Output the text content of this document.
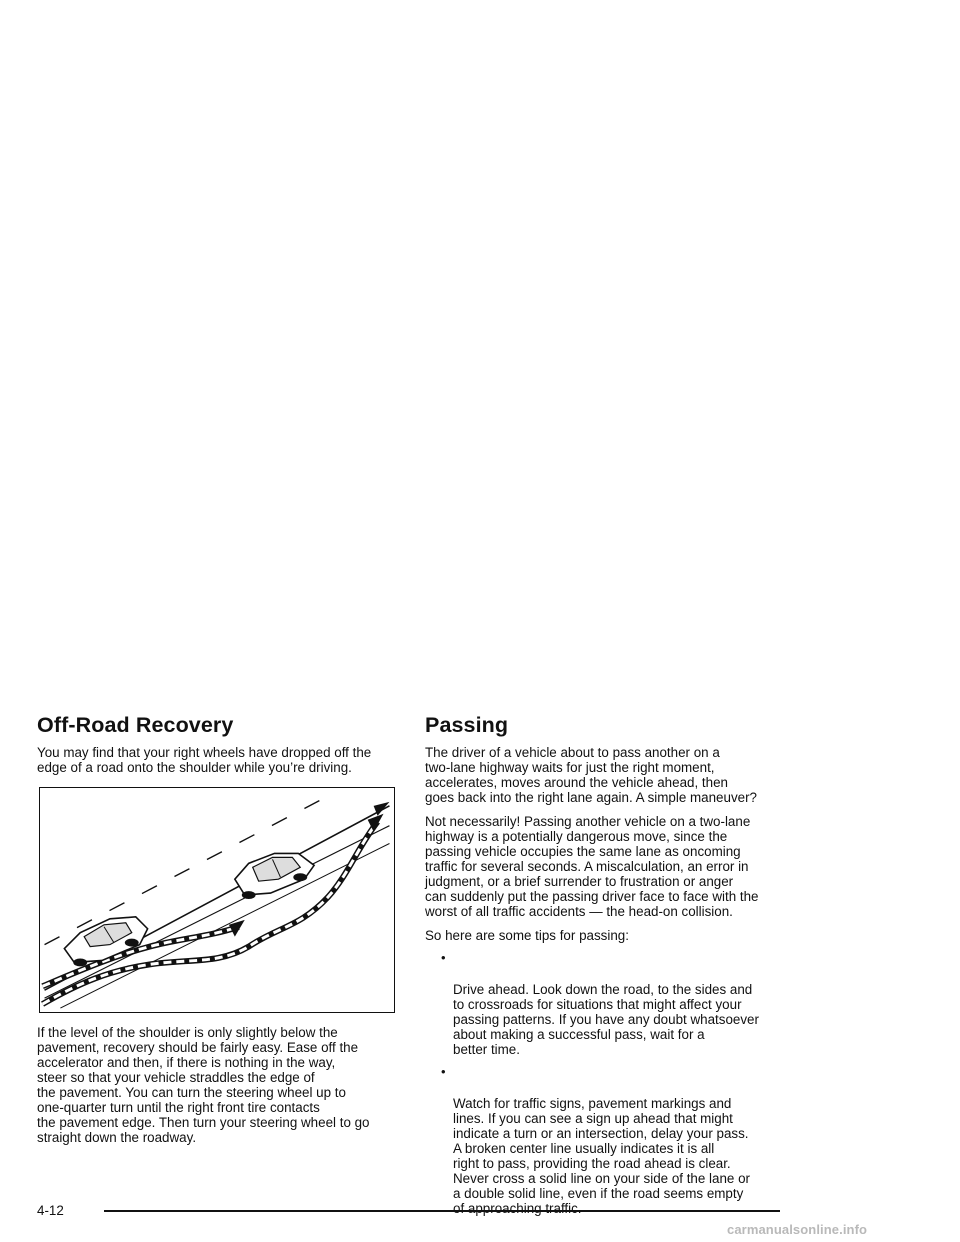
Off-Road Recovery

You may find that your right wheels have dropped off the
edge of a road onto the shoulder while you’re driving.

If the level of the shoulder is only slightly below the
pavement, recovery should be fairly easy. Ease off the
accelerator and then, if there is nothing in the way,
steer so that your vehicle straddles the edge of
the pavement. You can turn the steering wheel up to
one-quarter turn until the right front tire contacts
the pavement edge. Then turn your steering wheel to go
straight down the roadway.

Passing

The driver of a vehicle about to pass another on a
two-lane highway waits for just the right moment,
accelerates, moves around the vehicle ahead, then
goes back into the right lane again. A simple maneuver?

Not necessarily! Passing another vehicle on a two-lane
highway is a potentially dangerous move, since the
passing vehicle occupies the same lane as oncoming
traffic for several seconds. A miscalculation, an error in
judgment, or a brief surrender to frustration or anger
can suddenly put the passing driver face to face with the
worst of all traffic accidents — the head-on collision.

So here are some tips for passing:

•

Drive ahead. Look down the road, to the sides and
to crossroads for situations that might affect your
passing patterns. If you have any doubt whatsoever
about making a successful pass, wait for a
better time.

•

Watch for traffic signs, pavement markings and
lines. If you can see a sign up ahead that might
indicate a turn or an intersection, delay your pass.
A broken center line usually indicates it is all
right to pass, providing the road ahead is clear.
Never cross a solid line on your side of the lane or
a double solid line, even if the road seems empty
of approaching traffic.

4-12
carmanualsonline.info
